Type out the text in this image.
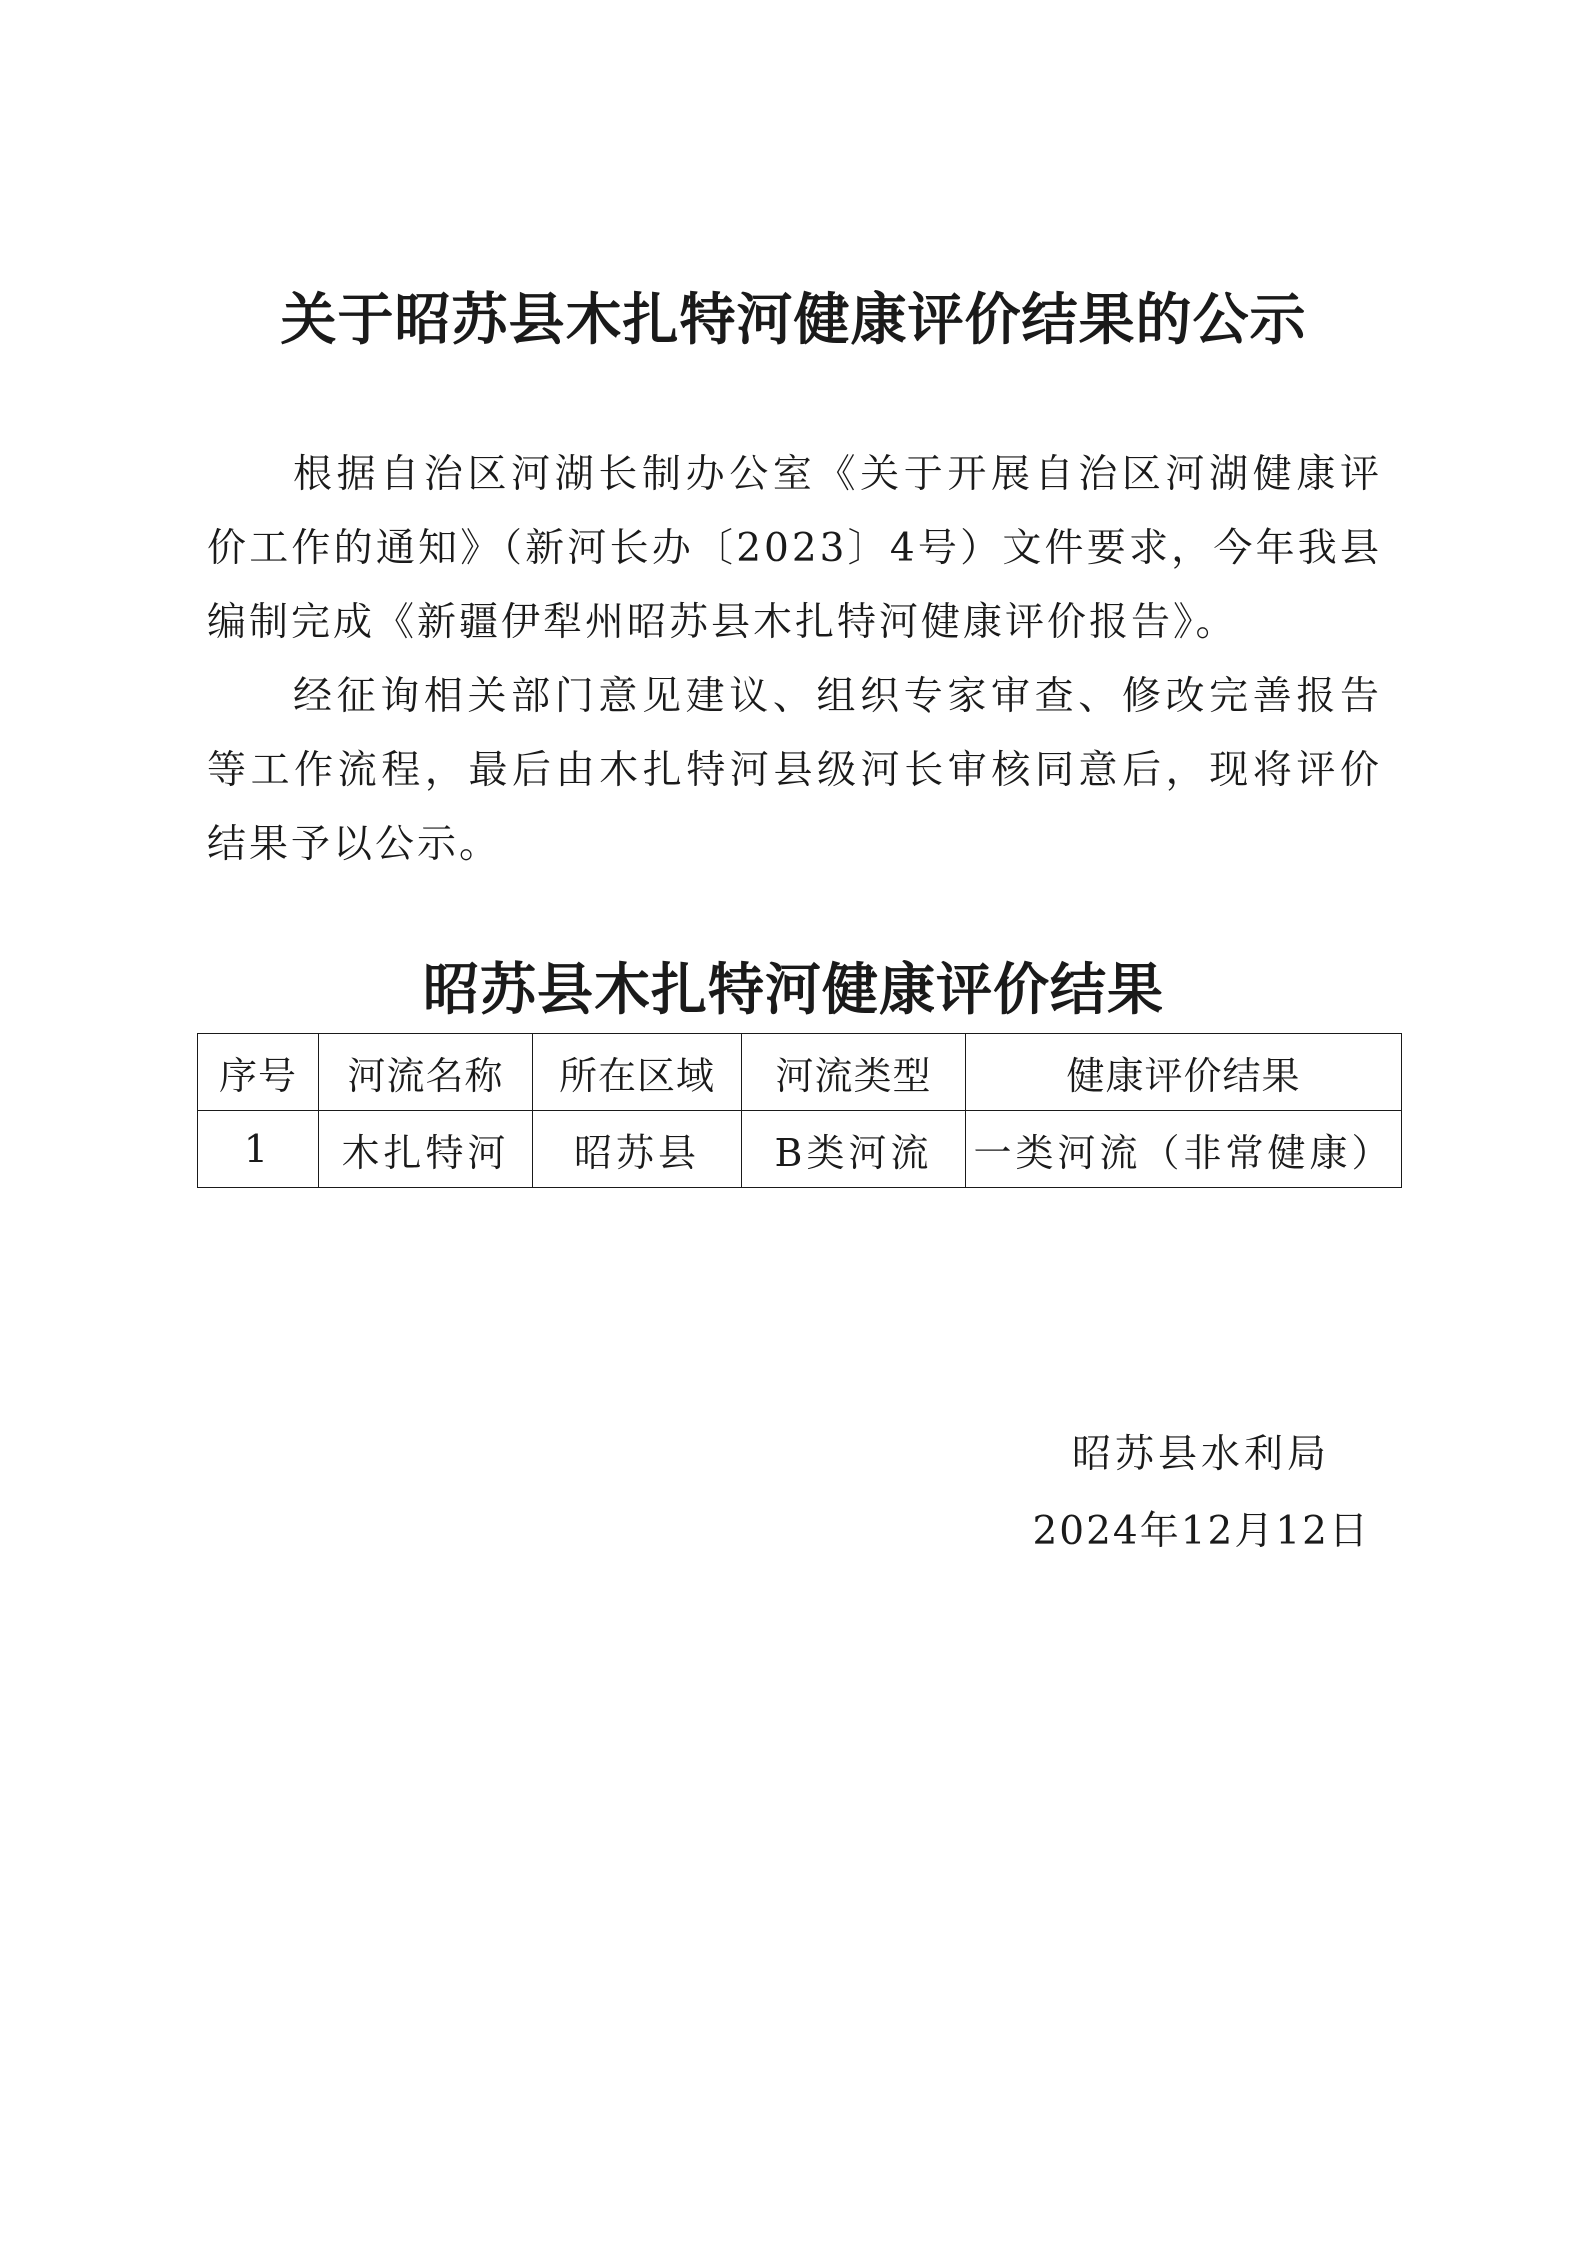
关于昭苏县木扎特河健康评价结果的公示

根据自治区河湖长制办公室《关于开展自治区河湖健康评价工作的通知》（新河长办〔2023〕4号）文件要求，今年我县编制完成《新疆伊犁州昭苏县木扎特河健康评价报告》。

经征询相关部门意见建议、组织专家审查、修改完善报告等工作流程，最后由木扎特河县级河长审核同意后，现将评价结果予以公示。

昭苏县木扎特河健康评价结果
序号	河流名称	所在区域	河流类型	健康评价结果
1	木扎特河	昭苏县	B类河流	一类河流（非常健康）

昭苏县水利局

2024年12月12日
